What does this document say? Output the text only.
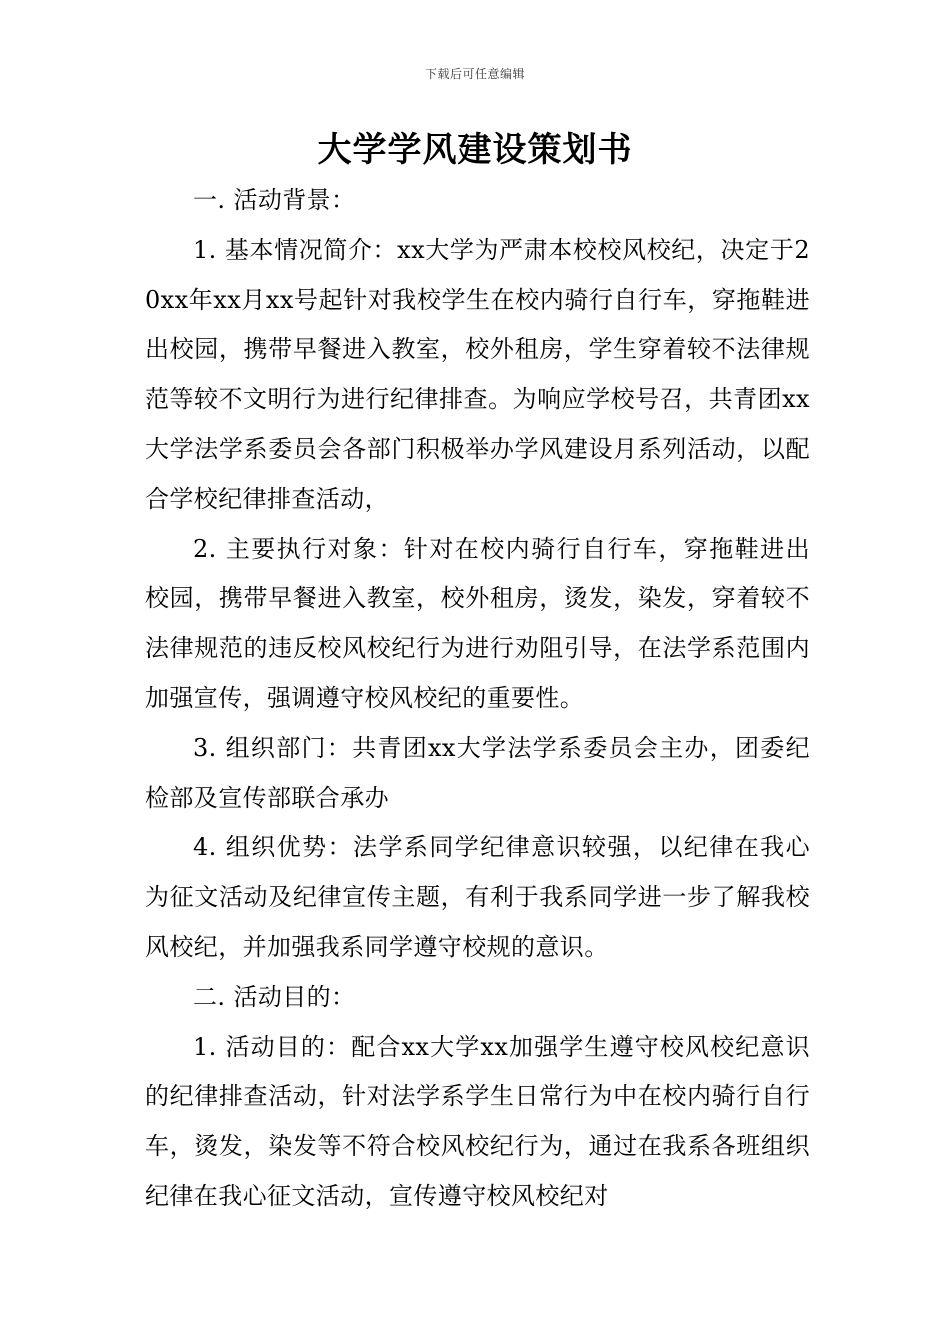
下载后可任意编辑
大学学风建设策划书

一. 活动背景：

1. 基本情况简介：xx大学为严肃本校校风校纪，决定于20xx年xx月xx号起针对我校学生在校内骑行自行车，穿拖鞋进出校园，携带早餐进入教室，校外租房，学生穿着较不法律规范等较不文明行为进行纪律排查。为响应学校号召，共青团xx大学法学系委员会各部门积极举办学风建设月系列活动，以配合学校纪律排查活动，

2. 主要执行对象：针对在校内骑行自行车，穿拖鞋进出校园，携带早餐进入教室，校外租房，烫发，染发，穿着较不法律规范的违反校风校纪行为进行劝阻引导，在法学系范围内加强宣传，强调遵守校风校纪的重要性。

3. 组织部门：共青团xx大学法学系委员会主办，团委纪检部及宣传部联合承办

4. 组织优势：法学系同学纪律意识较强，以纪律在我心为征文活动及纪律宣传主题，有利于我系同学进一步了解我校风校纪，并加强我系同学遵守校规的意识。

二. 活动目的：

1. 活动目的：配合xx大学xx加强学生遵守校风校纪意识的纪律排查活动，针对法学系学生日常行为中在校内骑行自行车，烫发，染发等不符合校风校纪行为，通过在我系各班组织纪律在我心征文活动，宣传遵守校风校纪对
